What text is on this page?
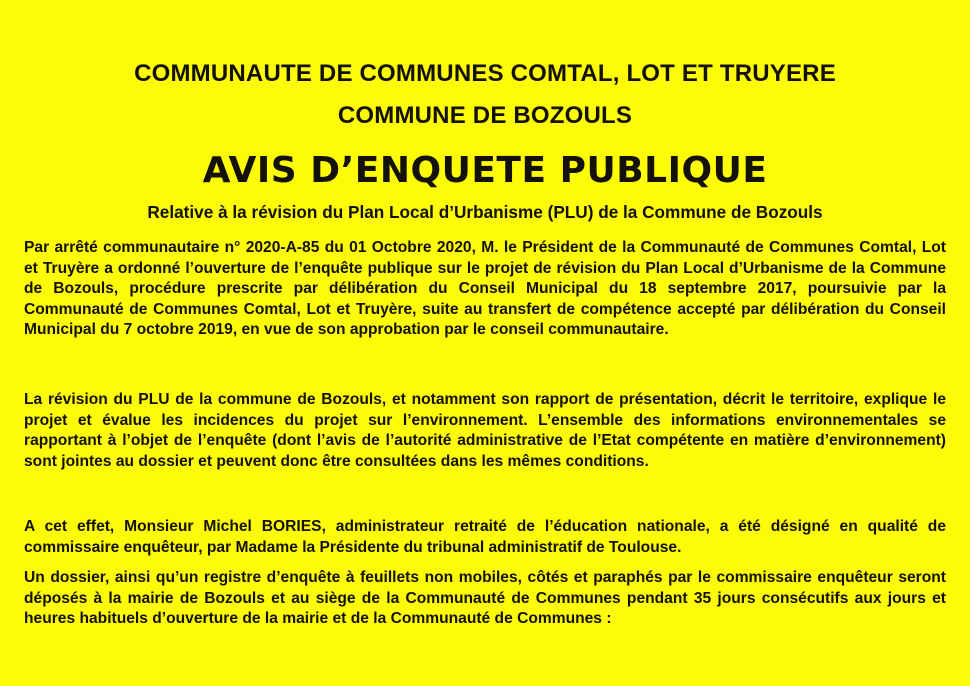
COMMUNAUTE DE COMMUNES COMTAL, LOT ET TRUYERE
COMMUNE DE BOZOULS
AVIS D’ENQUETE PUBLIQUE
Relative à la révision du Plan Local d’Urbanisme (PLU) de la Commune de Bozouls
Par arrêté communautaire n° 2020-A-85 du 01 Octobre 2020, M. le Président de la Communauté de Communes Comtal, Lot et Truyère a ordonné l’ouverture de l’enquête publique sur le projet de révision du Plan Local d’Urbanisme de la Commune de Bozouls, procédure prescrite par délibération du Conseil Municipal du 18 septembre 2017, poursuivie par la Communauté de Communes Comtal, Lot et Truyère, suite au transfert de compétence accepté par délibération du Conseil Municipal du 7 octobre 2019, en vue de son approbation par le conseil communautaire.
La révision du PLU de la commune de Bozouls, et notamment son rapport de présentation, décrit le territoire, explique le projet et évalue les incidences du projet sur l’environnement. L’ensemble des informations environnementales se rapportant à l’objet de l’enquête (dont l’avis de l’autorité administrative de l’Etat compétente en matière d’environnement) sont jointes au dossier et peuvent donc être consultées dans les mêmes conditions.
A cet effet, Monsieur Michel BORIES, administrateur retraité de l’éducation nationale, a été désigné en qualité de commissaire enquêteur, par Madame la Présidente du tribunal administratif de Toulouse.
Un dossier, ainsi qu’un registre d’enquête à feuillets non mobiles, côtés et paraphés par le commissaire enquêteur seront déposés à la mairie de Bozouls et au siège de la Communauté de Communes pendant 35 jours consécutifs aux jours et heures habituels d’ouverture de la mairie et de la Communauté de Communes :
